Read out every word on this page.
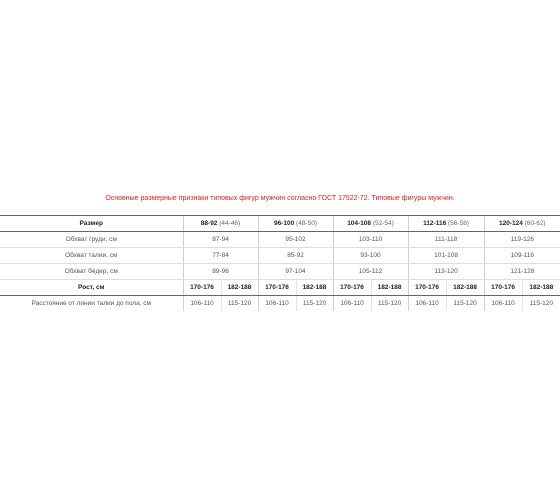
Основные размерные признаки типовых фигур мужчин согласно ГОСТ 17522-72. Типовые фигуры мужчин.
Размер	88-92 (44-46)		96-100 (48-50)		104-108 (52-54)		112-116 (56-58)		120-124 (60-62)	
Обхват груди, см	87-94		95-102		103-110		111-118		119-126	
Обхват талии, см	77-84		85-92		93-100		101-108		109-116	
Обхват бёдер, см	89-96		97-104		105-112		113-120		121-128	
Рост, см	170-176	182-188	170-176	182-188	170-176	182-188	170-176	182-188	170-176	182-188
Расстояние от линии талии до пола, см	106-110	115-120	106-110	115-120	106-110	115-120	106-110	115-120	106-110	115-120
